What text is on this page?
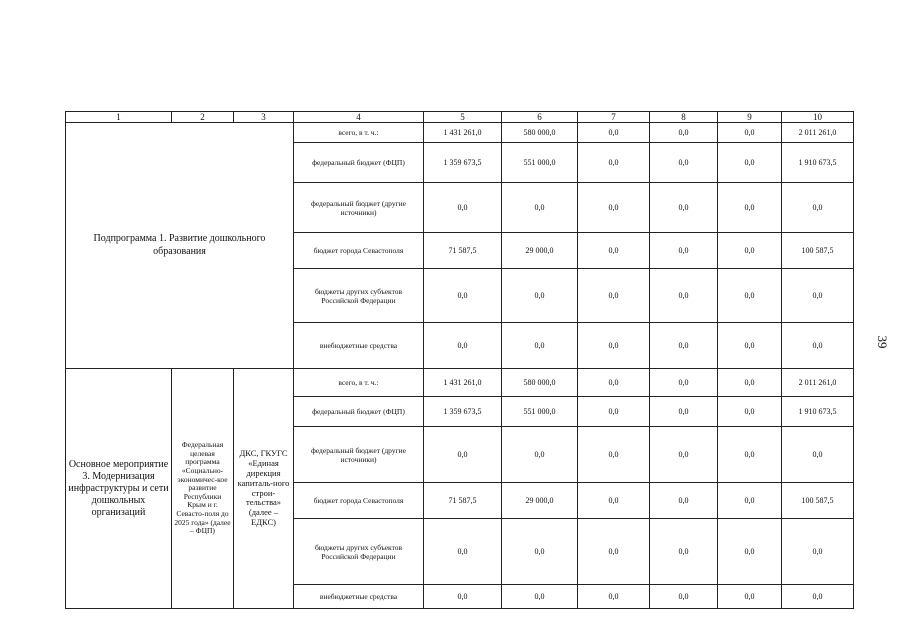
39
1	2	3	4	5	6	7	8	9	10
Подпрограмма 1. Развитие дошкольного образования			всего, в т. ч.:	1 431 261,0	580 000,0	0,0	0,0	0,0	2 011 261,0
			федеральный бюджет (ФЦП)	1 359 673,5	551 000,0	0,0	0,0	0,0	1 910 673,5
			федеральный бюджет (другие источники)	0,0	0,0	0,0	0,0	0,0	0,0
			бюджет города Севастополя	71 587,5	29 000,0	0,0	0,0	0,0	100 587,5
			бюджеты других субъектов Российской Федерации	0,0	0,0	0,0	0,0	0,0	0,0
			внебюджетные средства	0,0	0,0	0,0	0,0	0,0	0,0
Основное мероприятие 3. Модернизация инфраструктуры и сети дошкольных организаций	Федеральная целевая программа «Социально-экономичес-кое развитие Республики Крым и г. Севасто-поля до 2025 года» (далее – ФЦП)	ДКС, ГКУГС «Единая дирекция капиталь-ного строи-тельства» (далее – ЕДКС)	всего, в т. ч.:	1 431 261,0	580 000,0	0,0	0,0	0,0	2 011 261,0
			федеральный бюджет (ФЦП)	1 359 673,5	551 000,0	0,0	0,0	0,0	1 910 673,5
			федеральный бюджет (другие источники)	0,0	0,0	0,0	0,0	0,0	0,0
			бюджет города Севастополя	71 587,5	29 000,0	0,0	0,0	0,0	100 587,5
			бюджеты других субъектов Российской Федерации	0,0	0,0	0,0	0,0	0,0	0,0
			внебюджетные средства	0,0	0,0	0,0	0,0	0,0	0,0
